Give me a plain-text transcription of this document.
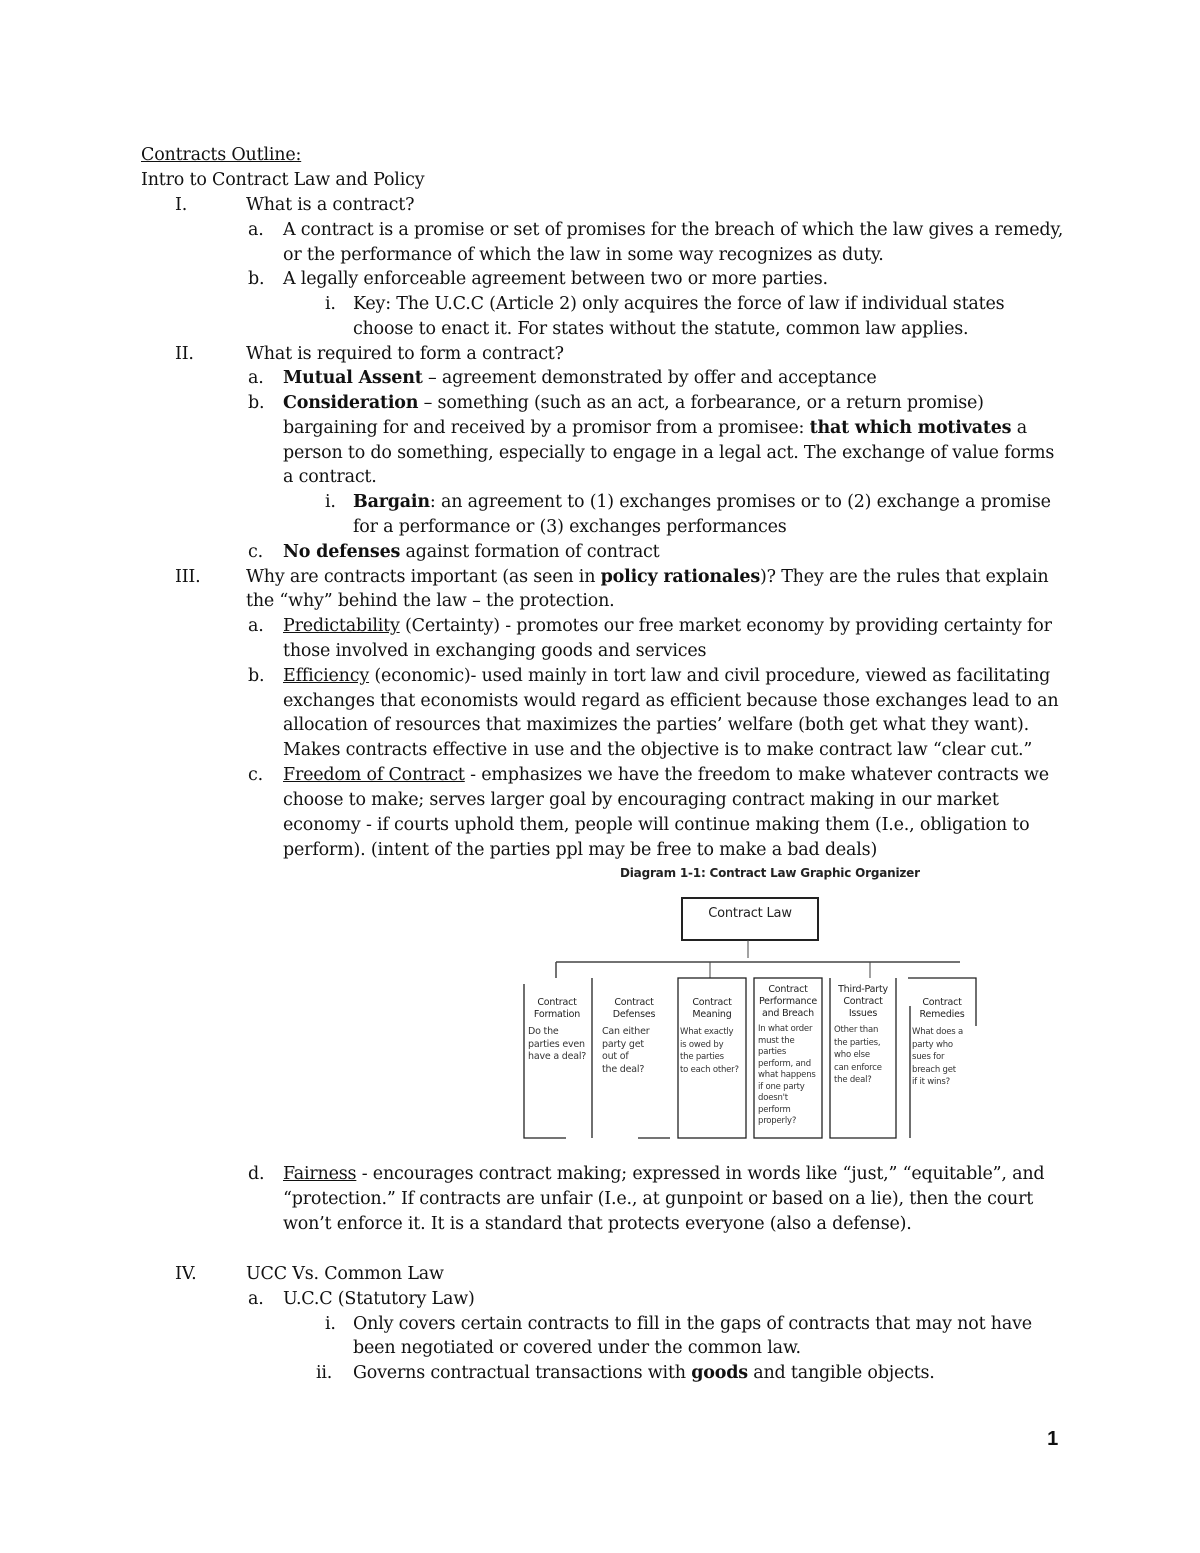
Contracts Outline:
Intro to Contract Law and Policy
I.	What is a contract?
a. A contract is a promise or set of promises for the breach of which the law gives a remedy,
or the performance of which the law in some way recognizes as duty.
b. A legally enforceable agreement between two or more parties.
i. Key: The U.C.C (Article 2) only acquires the force of law if individual states
choose to enact it. For states without the statute, common law applies.
II.	What is required to form a contract?
a. Mutual Assent – agreement demonstrated by offer and acceptance
b. Consideration – something (such as an act, a forbearance, or a return promise)
bargaining for and received by a promisor from a promisee: that which motivates a
person to do something, especially to engage in a legal act. The exchange of value forms
a contract.
i. Bargain: an agreement to (1) exchanges promises or to (2) exchange a promise
for a performance or (3) exchanges performances
c. No defenses against formation of contract
III.	Why are contracts important (as seen in policy rationales)? They are the rules that explain
the “why” behind the law – the protection.
a. Predictability (Certainty) - promotes our free market economy by providing certainty for
those involved in exchanging goods and services
b. Efficiency (economic)- used mainly in tort law and civil procedure, viewed as facilitating
exchanges that economists would regard as efficient because those exchanges lead to an
allocation of resources that maximizes the parties’ welfare (both get what they want).
Makes contracts effective in use and the objective is to make contract law “clear cut.”
c. Freedom of Contract - emphasizes we have the freedom to make whatever contracts we
choose to make; serves larger goal by encouraging contract making in our market
economy - if courts uphold them, people will continue making them (I.e., obligation to
perform). (intent of the parties ppl may be free to make a bad deals)
Diagram 1-1: Contract Law Graphic Organizer
Contract Law
Contract Formation
Do the
parties even
have a deal?
Contract Defenses
Can either
party get
out of
the deal?
Contract Meaning
What exactly
is owed by
the parties
to each other?
Contract Performance and Breach
In what order
must the
parties
perform, and
what happens
if one party
doesn't
perform
properly?
Third-Party Contract Issues
Other than
the parties,
who else
can enforce
the deal?
Contract Remedies
What does a
party who
sues for
breach get
if it wins?
d. Fairness - encourages contract making; expressed in words like “just,” “equitable”, and
“protection.” If contracts are unfair (I.e., at gunpoint or based on a lie), then the court
won’t enforce it. It is a standard that protects everyone (also a defense).
IV.	UCC Vs. Common Law
a. U.C.C (Statutory Law)
i. Only covers certain contracts to fill in the gaps of contracts that may not have
been negotiated or covered under the common law.
ii. Governs contractual transactions with goods and tangible objects.
1
